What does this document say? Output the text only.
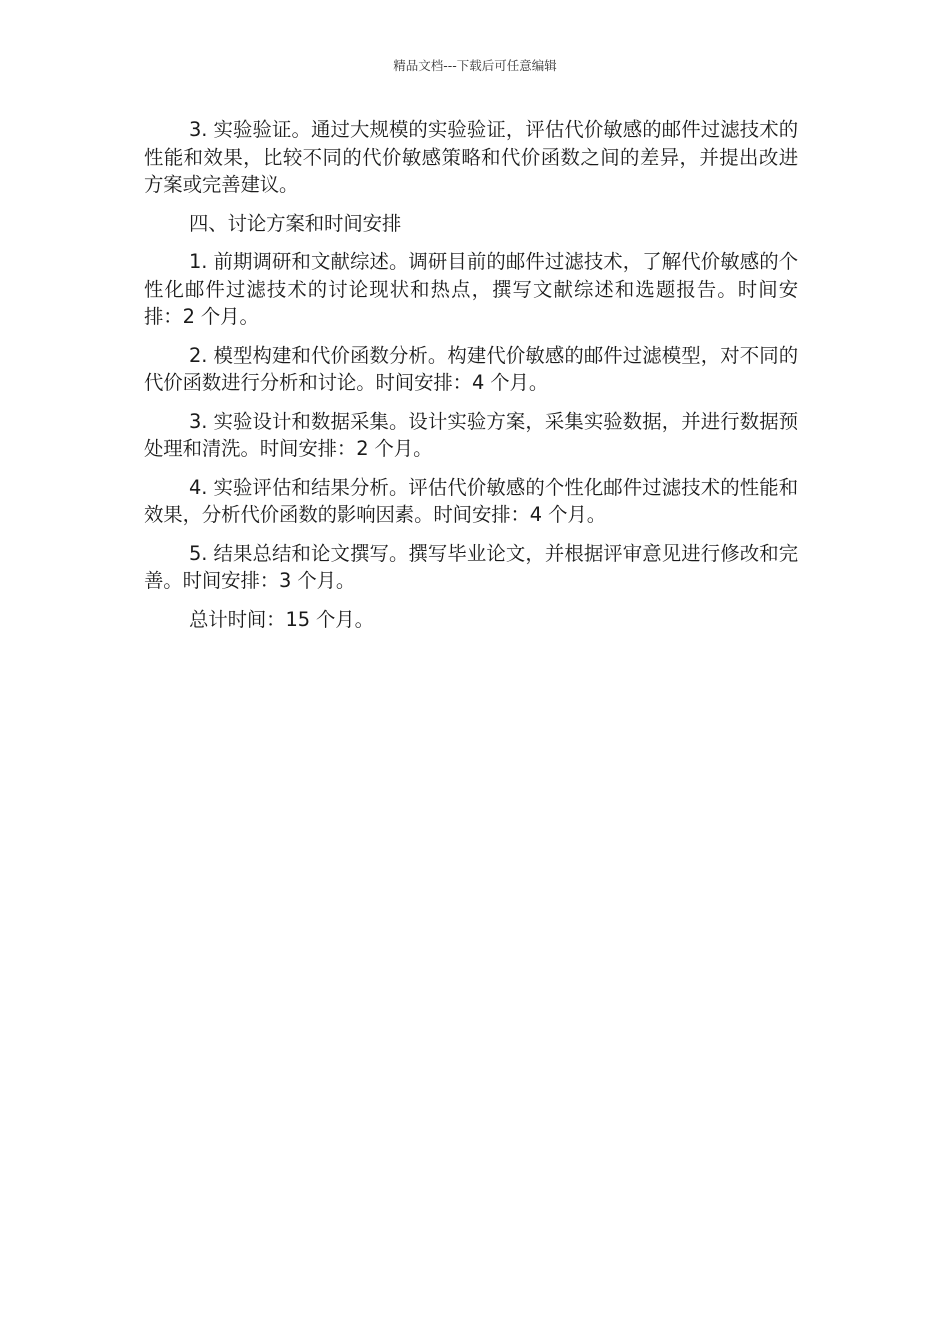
精品文档---下载后可任意编辑

3. 实验验证。通过大规模的实验验证，评估代价敏感的邮件过滤技术的性能和效果，比较不同的代价敏感策略和代价函数之间的差异，并提出改进方案或完善建议。

四、讨论方案和时间安排

1. 前期调研和文献综述。调研目前的邮件过滤技术，了解代价敏感的个性化邮件过滤技术的讨论现状和热点，撰写文献综述和选题报告。时间安排：2 个月。

2. 模型构建和代价函数分析。构建代价敏感的邮件过滤模型，对不同的代价函数进行分析和讨论。时间安排：4 个月。

3. 实验设计和数据采集。设计实验方案，采集实验数据，并进行数据预处理和清洗。时间安排：2 个月。

4. 实验评估和结果分析。评估代价敏感的个性化邮件过滤技术的性能和效果，分析代价函数的影响因素。时间安排：4 个月。

5. 结果总结和论文撰写。撰写毕业论文，并根据评审意见进行修改和完善。时间安排：3 个月。

总计时间：15 个月。
